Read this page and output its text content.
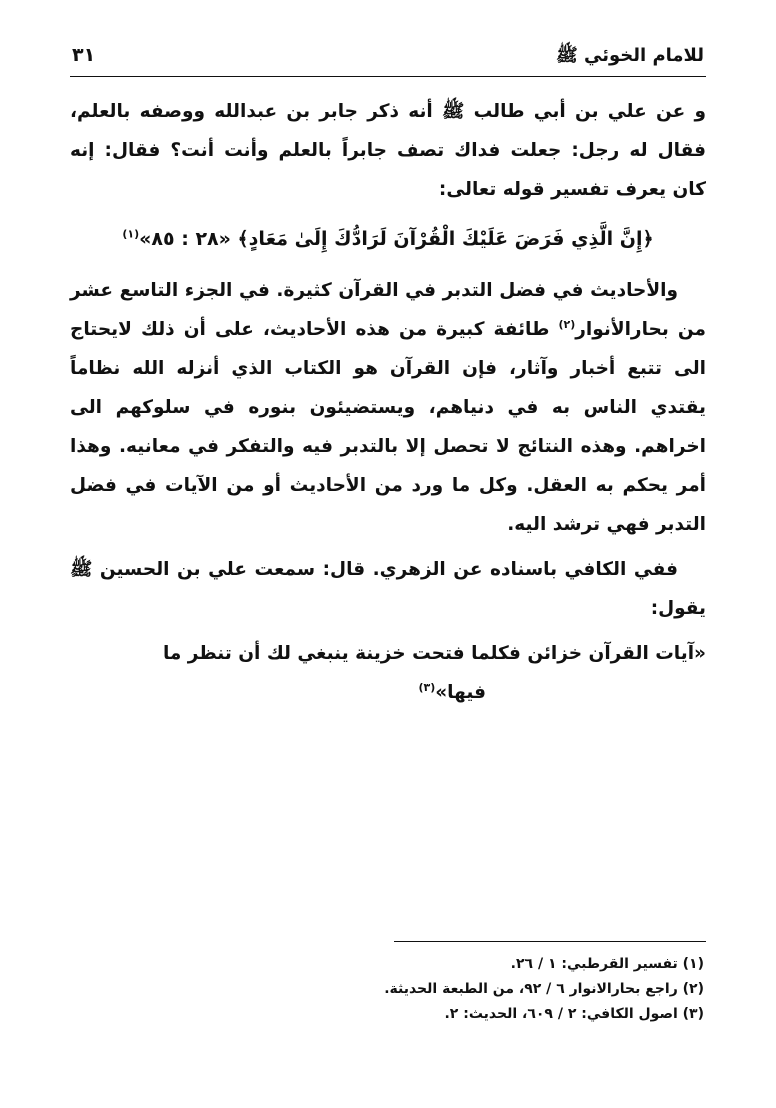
للامام الخوئي ﷺ
٣١

و عن علي بن أبي طالب ﷺ أنه ذكر جابر بن عبدالله ووصفه بالعلم، فقال له رجل: جعلت فداك تصف جابراً بالعلم وأنت أنت؟ فقال: إنه كان يعرف تفسير قوله تعالى:

﴿إِنَّ الَّذِي فَرَضَ عَلَيْكَ الْقُرْآنَ لَرَادُّكَ إِلَىٰ مَعَادٍ﴾ «٢٨ : ٨٥»$^{(١)}$

والأحاديث في فضل التدبر في القرآن كثيرة. في الجزء التاسع عشر من بحارالأنوار$^{(٢)}$ طائفة كبيرة من هذه الأحاديث، على أن ذلك لايحتاج الى تتبع أخبار وآثار، فإن القرآن هو الكتاب الذي أنزله الله نظاماً يقتدي الناس به في دنياهم، ويستضيئون بنوره في سلوكهم الى اخراهم. وهذه النتائج لا تحصل إلا بالتدبر فيه والتفكر في معانيه. وهذا أمر يحكم به العقل. وكل ما ورد من الأحاديث أو من الآيات في فضل التدبر فهي ترشد اليه.

ففي الكافي باسناده عن الزهري. قال: سمعت علي بن الحسين ﷺ يقول:

«آيات القرآن خزائن فكلما فتحت خزينة ينبغي لك أن تنظر ما

فيها»$^{(٣)}$

(١) تفسير القرطبي: ١ / ٢٦.

(٢) راجع بحارالانوار ٦ / ٩٢، من الطبعة الحديثة.

(٣) اصول الكافي: ٢ / ٦٠٩، الحديث: ٢.
